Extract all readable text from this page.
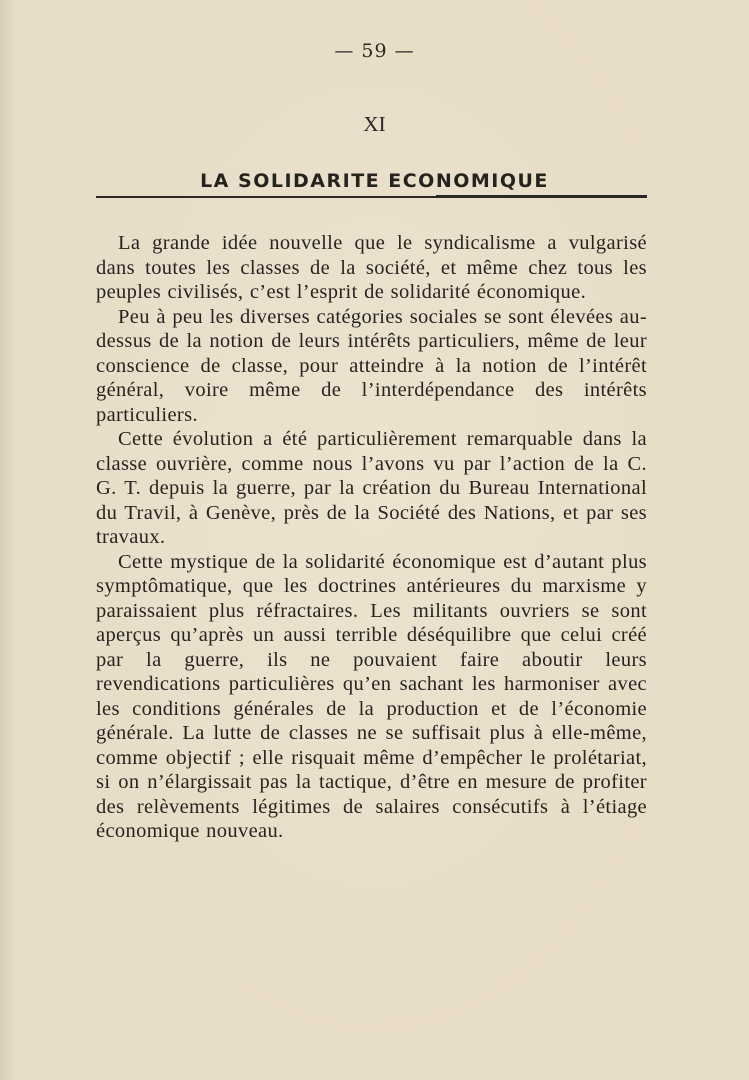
— 59 —
XI
LA SOLIDARITE ECONOMIQUE

La grande idée nouvelle que le syndicalisme a vulgarisé dans toutes les classes de la société, et même chez tous les peuples civilisés, c’est l’esprit de solidarité économique.

Peu à peu les diverses catégories sociales se sont élevées au-dessus de la notion de leurs intérêts particuliers, même de leur conscience de classe, pour atteindre à la notion de l’intérêt général, voire même de l’interdépendance des intérêts particuliers.

Cette évolution a été particulièrement remarquable dans la classe ouvrière, comme nous l’avons vu par l’action de la C. G. T. depuis la guerre, par la création du Bureau International du Travil, à Genève, près de la Société des Nations, et par ses travaux.

Cette mystique de la solidarité économique est d’autant plus symptômatique, que les doctrines antérieures du marxisme y paraissaient plus réfractaires. Les militants ouvriers se sont aperçus qu’après un aussi terrible déséquilibre que celui créé par la guerre, ils ne pouvaient faire aboutir leurs revendications particulières qu’en sachant les harmoniser avec les conditions générales de la production et de l’économie générale. La lutte de classes ne se suffisait plus à elle-même, comme objectif ; elle risquait même d’empêcher le prolétariat, si on n’élargissait pas la tactique, d’être en mesure de profiter des relèvements légitimes de salaires consécutifs à l’étiage économique nouveau.
